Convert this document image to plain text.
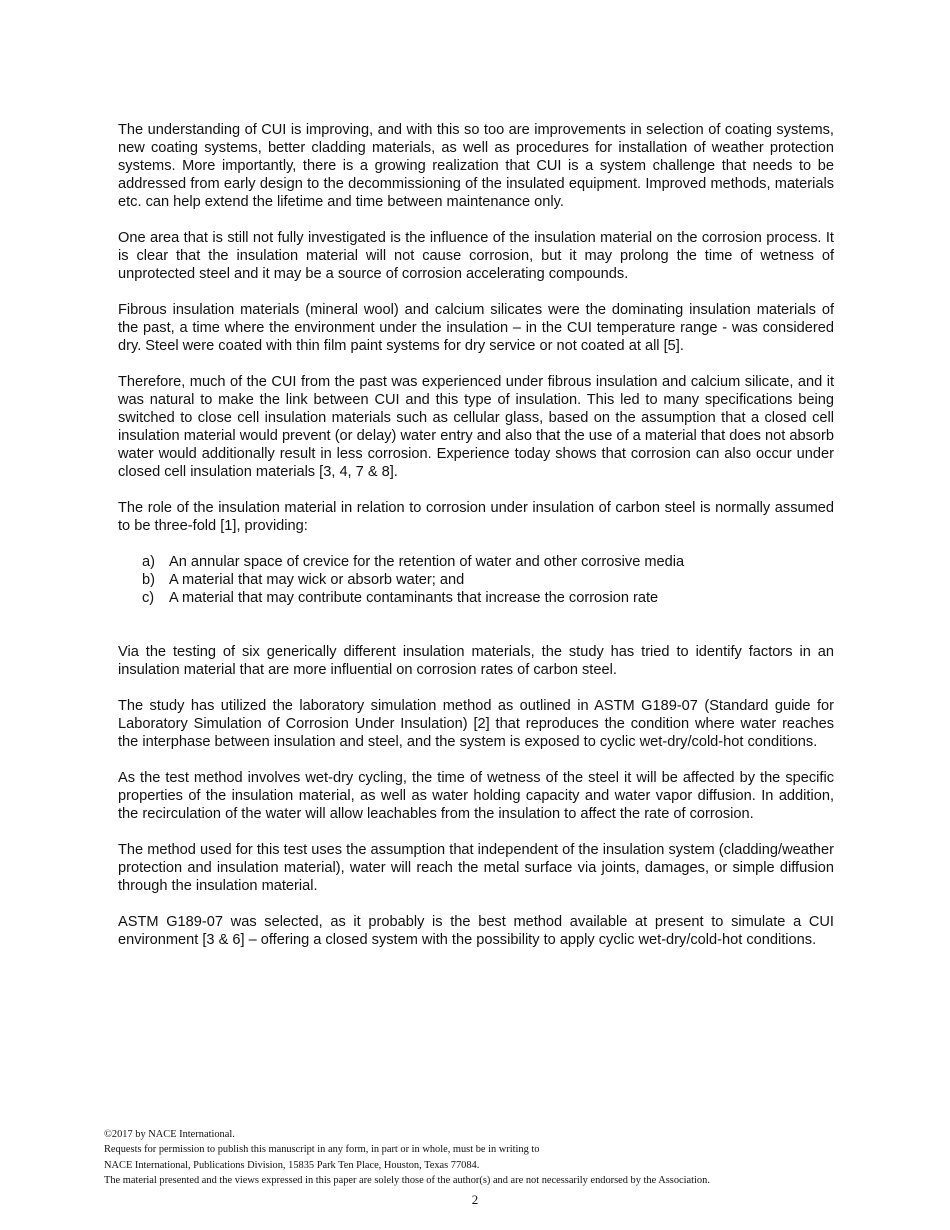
The understanding of CUI is improving, and with this so too are improvements in selection of coating systems, new coating systems, better cladding materials, as well as procedures for installation of weather protection systems. More importantly, there is a growing realization that CUI is a system challenge that needs to be addressed from early design to the decommissioning of the insulated equipment. Improved methods, materials etc. can help extend the lifetime and time between maintenance only.

One area that is still not fully investigated is the influence of the insulation material on the corrosion process. It is clear that the insulation material will not cause corrosion, but it may prolong the time of wetness of unprotected steel and it may be a source of corrosion accelerating compounds.

Fibrous insulation materials (mineral wool) and calcium silicates were the dominating insulation materials of the past, a time where the environment under the insulation – in the CUI temperature range - was considered dry. Steel were coated with thin film paint systems for dry service or not coated at all [5].

Therefore, much of the CUI from the past was experienced under fibrous insulation and calcium silicate, and it was natural to make the link between CUI and this type of insulation. This led to many specifications being switched to close cell insulation materials such as cellular glass, based on the assumption that a closed cell insulation material would prevent (or delay) water entry and also that the use of a material that does not absorb water would additionally result in less corrosion. Experience today shows that corrosion can also occur under closed cell insulation materials [3, 4, 7 & 8].

The role of the insulation material in relation to corrosion under insulation of carbon steel is normally assumed to be three-fold [1], providing:

a) An annular space of crevice for the retention of water and other corrosive media
b) A material that may wick or absorb water; and
c)	A material that may contribute contaminants that increase the corrosion rate

Via the testing of six generically different insulation materials, the study has tried to identify factors in an insulation material that are more influential on corrosion rates of carbon steel.

The study has utilized the laboratory simulation method as outlined in ASTM G189-07 (Standard guide for Laboratory Simulation of Corrosion Under Insulation) [2] that reproduces the condition where water reaches the interphase between insulation and steel, and the system is exposed to cyclic wet-dry/cold-hot conditions.

As the test method involves wet-dry cycling, the time of wetness of the steel it will be affected by the specific properties of the insulation material, as well as water holding capacity and water vapor diffusion. In addition, the recirculation of the water will allow leachables from the insulation to affect the rate of corrosion.

The method used for this test uses the assumption that independent of the insulation system (cladding/weather protection and insulation material), water will reach the metal surface via joints, damages, or simple diffusion through the insulation material.

ASTM G189-07 was selected, as it probably is the best method available at present to simulate a CUI environment [3 & 6] – offering a closed system with the possibility to apply cyclic wet-dry/cold-hot conditions.

©2017 by NACE International.
Requests for permission to publish this manuscript in any form, in part or in whole, must be in writing to
NACE International, Publications Division, 15835 Park Ten Place, Houston, Texas 77084.
The material presented and the views expressed in this paper are solely those of the author(s) and are not necessarily endorsed by the Association.
2
